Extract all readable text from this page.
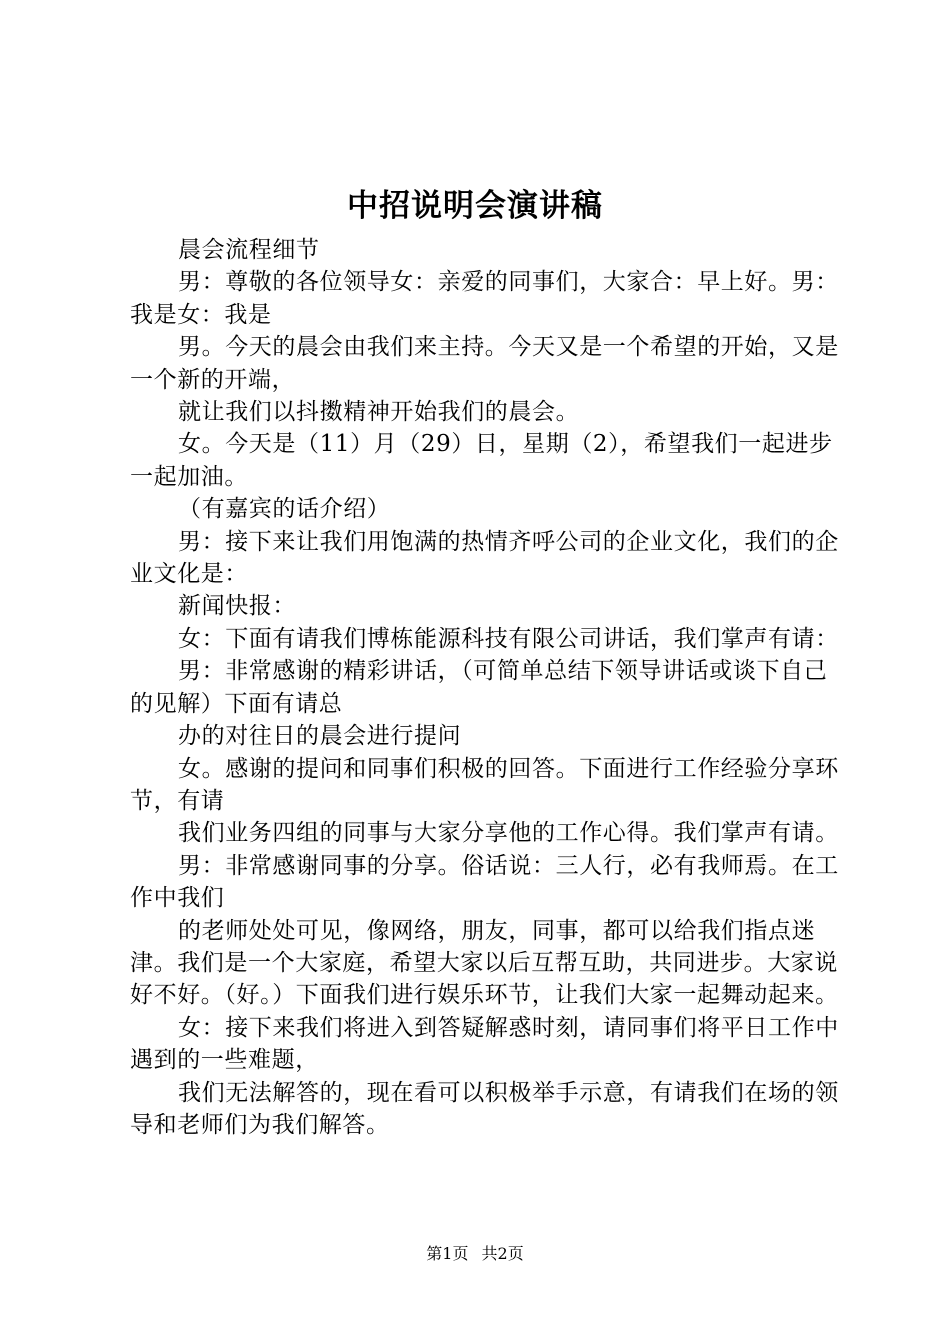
中招说明会演讲稿

晨会流程细节

男：尊敬的各位领导女：亲爱的同事们，大家合：早上好。男：我是女：我是

男。今天的晨会由我们来主持。今天又是一个希望的开始，又是一个新的开端，

就让我们以抖擞精神开始我们的晨会。

女。今天是（11）月（29）日，星期（2），希望我们一起进步一起加油。

（有嘉宾的话介绍）

男：接下来让我们用饱满的热情齐呼公司的企业文化，我们的企业文化是：

新闻快报：

女：下面有请我们博栋能源科技有限公司讲话，我们掌声有请：

男：非常感谢的精彩讲话，（可简单总结下领导讲话或谈下自己的见解）下面有请总

办的对往日的晨会进行提问

女。感谢的提问和同事们积极的回答。下面进行工作经验分享环节，有请

我们业务四组的同事与大家分享他的工作心得。我们掌声有请。

男：非常感谢同事的分享。俗话说：三人行，必有我师焉。在工作中我们

的老师处处可见，像网络，朋友，同事，都可以给我们指点迷津。我们是一个大家庭，希望大家以后互帮互助，共同进步。大家说好不好。（好。）下面我们进行娱乐环节，让我们大家一起舞动起来。

女：接下来我们将进入到答疑解惑时刻，请同事们将平日工作中遇到的一些难题，

我们无法解答的，现在看可以积极举手示意，有请我们在场的领导和老师们为我们解答。

第1页 共2页
